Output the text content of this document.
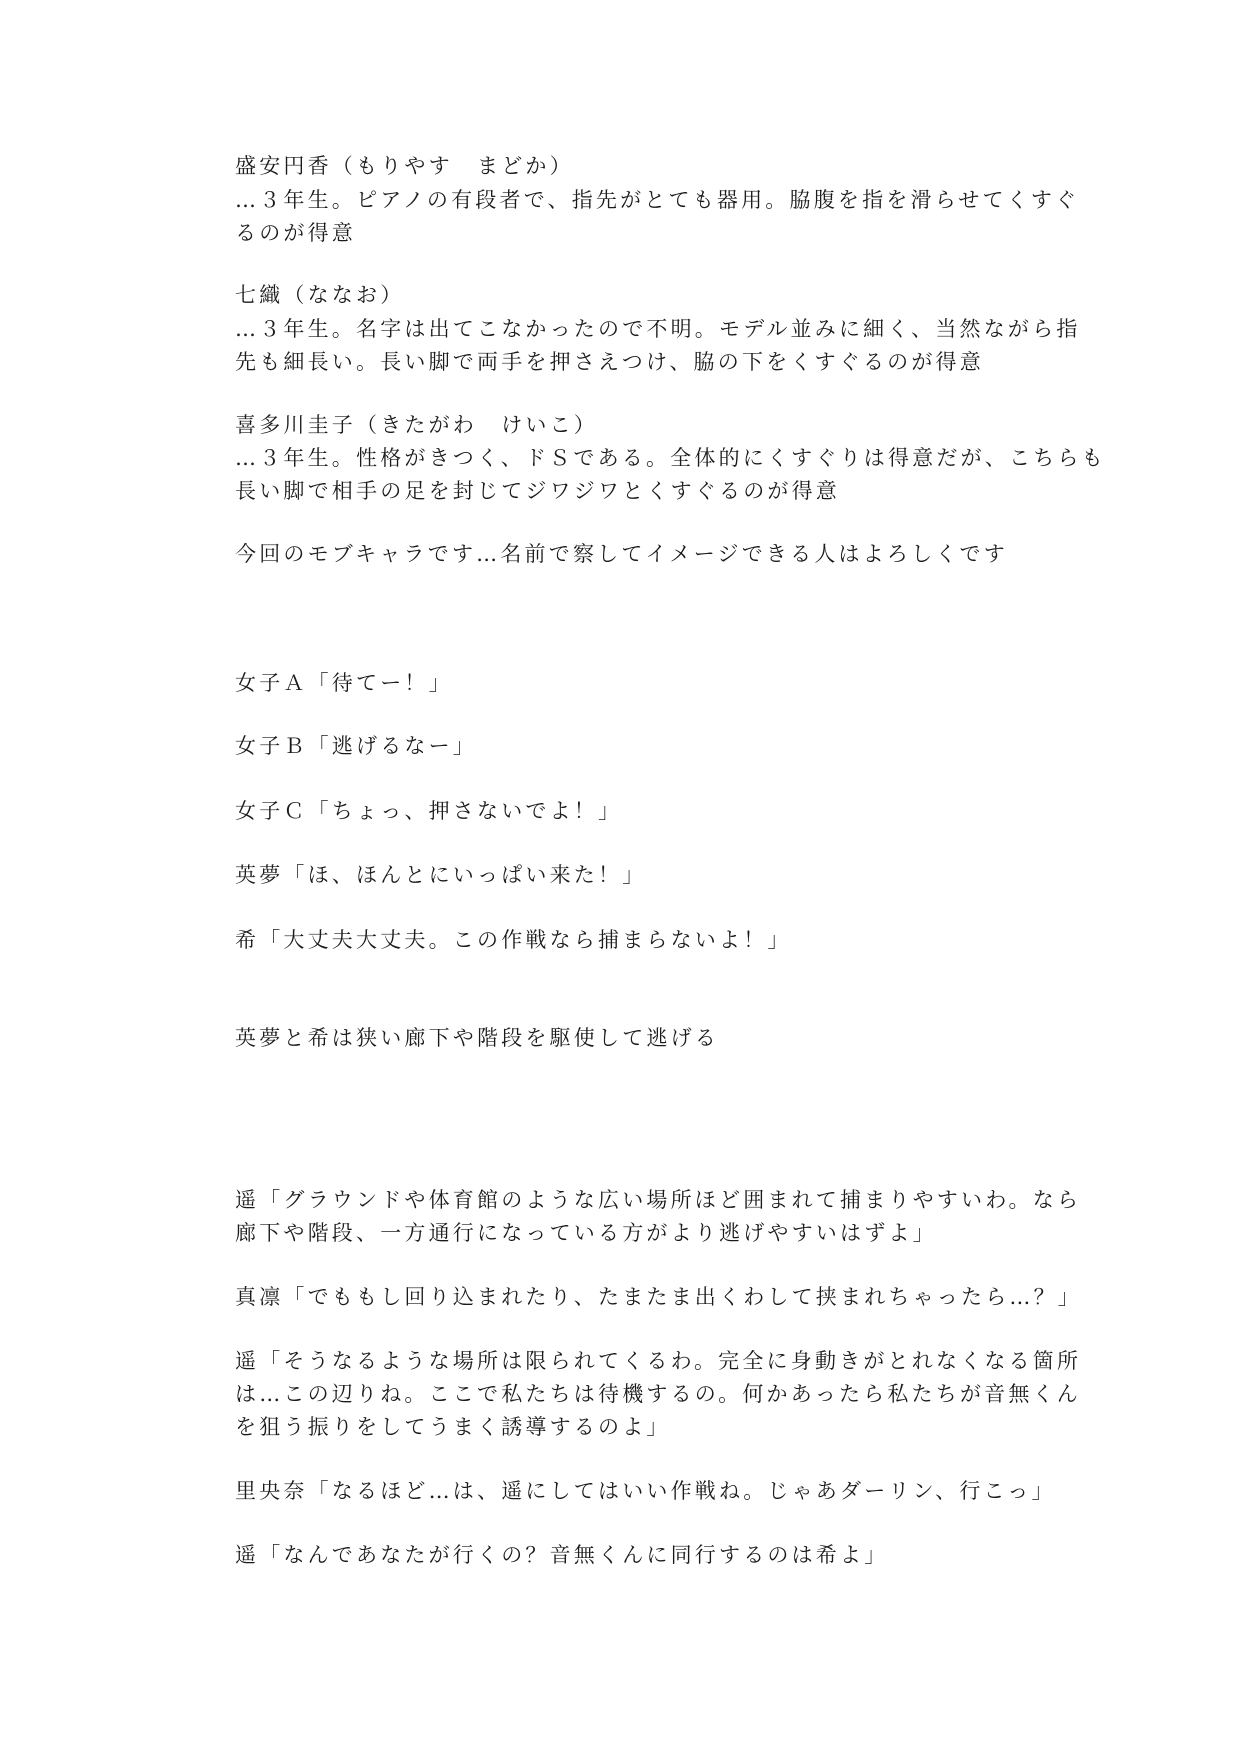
盛安円香（もりやす　まどか）
…３年生。ピアノの有段者で、指先がとても器用。脇腹を指を滑らせてくすぐ
るのが得意
七織（ななお）
…３年生。名字は出てこなかったので不明。モデル並みに細く、当然ながら指
先も細長い。長い脚で両手を押さえつけ、脇の下をくすぐるのが得意
喜多川圭子（きたがわ　けいこ）
…３年生。性格がきつく、ドＳである。全体的にくすぐりは得意だが、こちらも
長い脚で相手の足を封じてジワジワとくすぐるのが得意
今回のモブキャラです…名前で察してイメージできる人はよろしくです
女子Ａ「待てー！」
女子Ｂ「逃げるなー」
女子Ｃ「ちょっ、押さないでよ！」
英夢「ほ、ほんとにいっぱい来た！」
希「大丈夫大丈夫。この作戦なら捕まらないよ！」
英夢と希は狭い廊下や階段を駆使して逃げる
遥「グラウンドや体育館のような広い場所ほど囲まれて捕まりやすいわ。なら
廊下や階段、一方通行になっている方がより逃げやすいはずよ」
真凛「でももし回り込まれたり、たまたま出くわして挟まれちゃったら…？」
遥「そうなるような場所は限られてくるわ。完全に身動きがとれなくなる箇所
は…この辺りね。ここで私たちは待機するの。何かあったら私たちが音無くん
を狙う振りをしてうまく誘導するのよ」
里央奈「なるほど…は、遥にしてはいい作戦ね。じゃあダーリン、行こっ」
遥「なんであなたが行くの？音無くんに同行するのは希よ」
